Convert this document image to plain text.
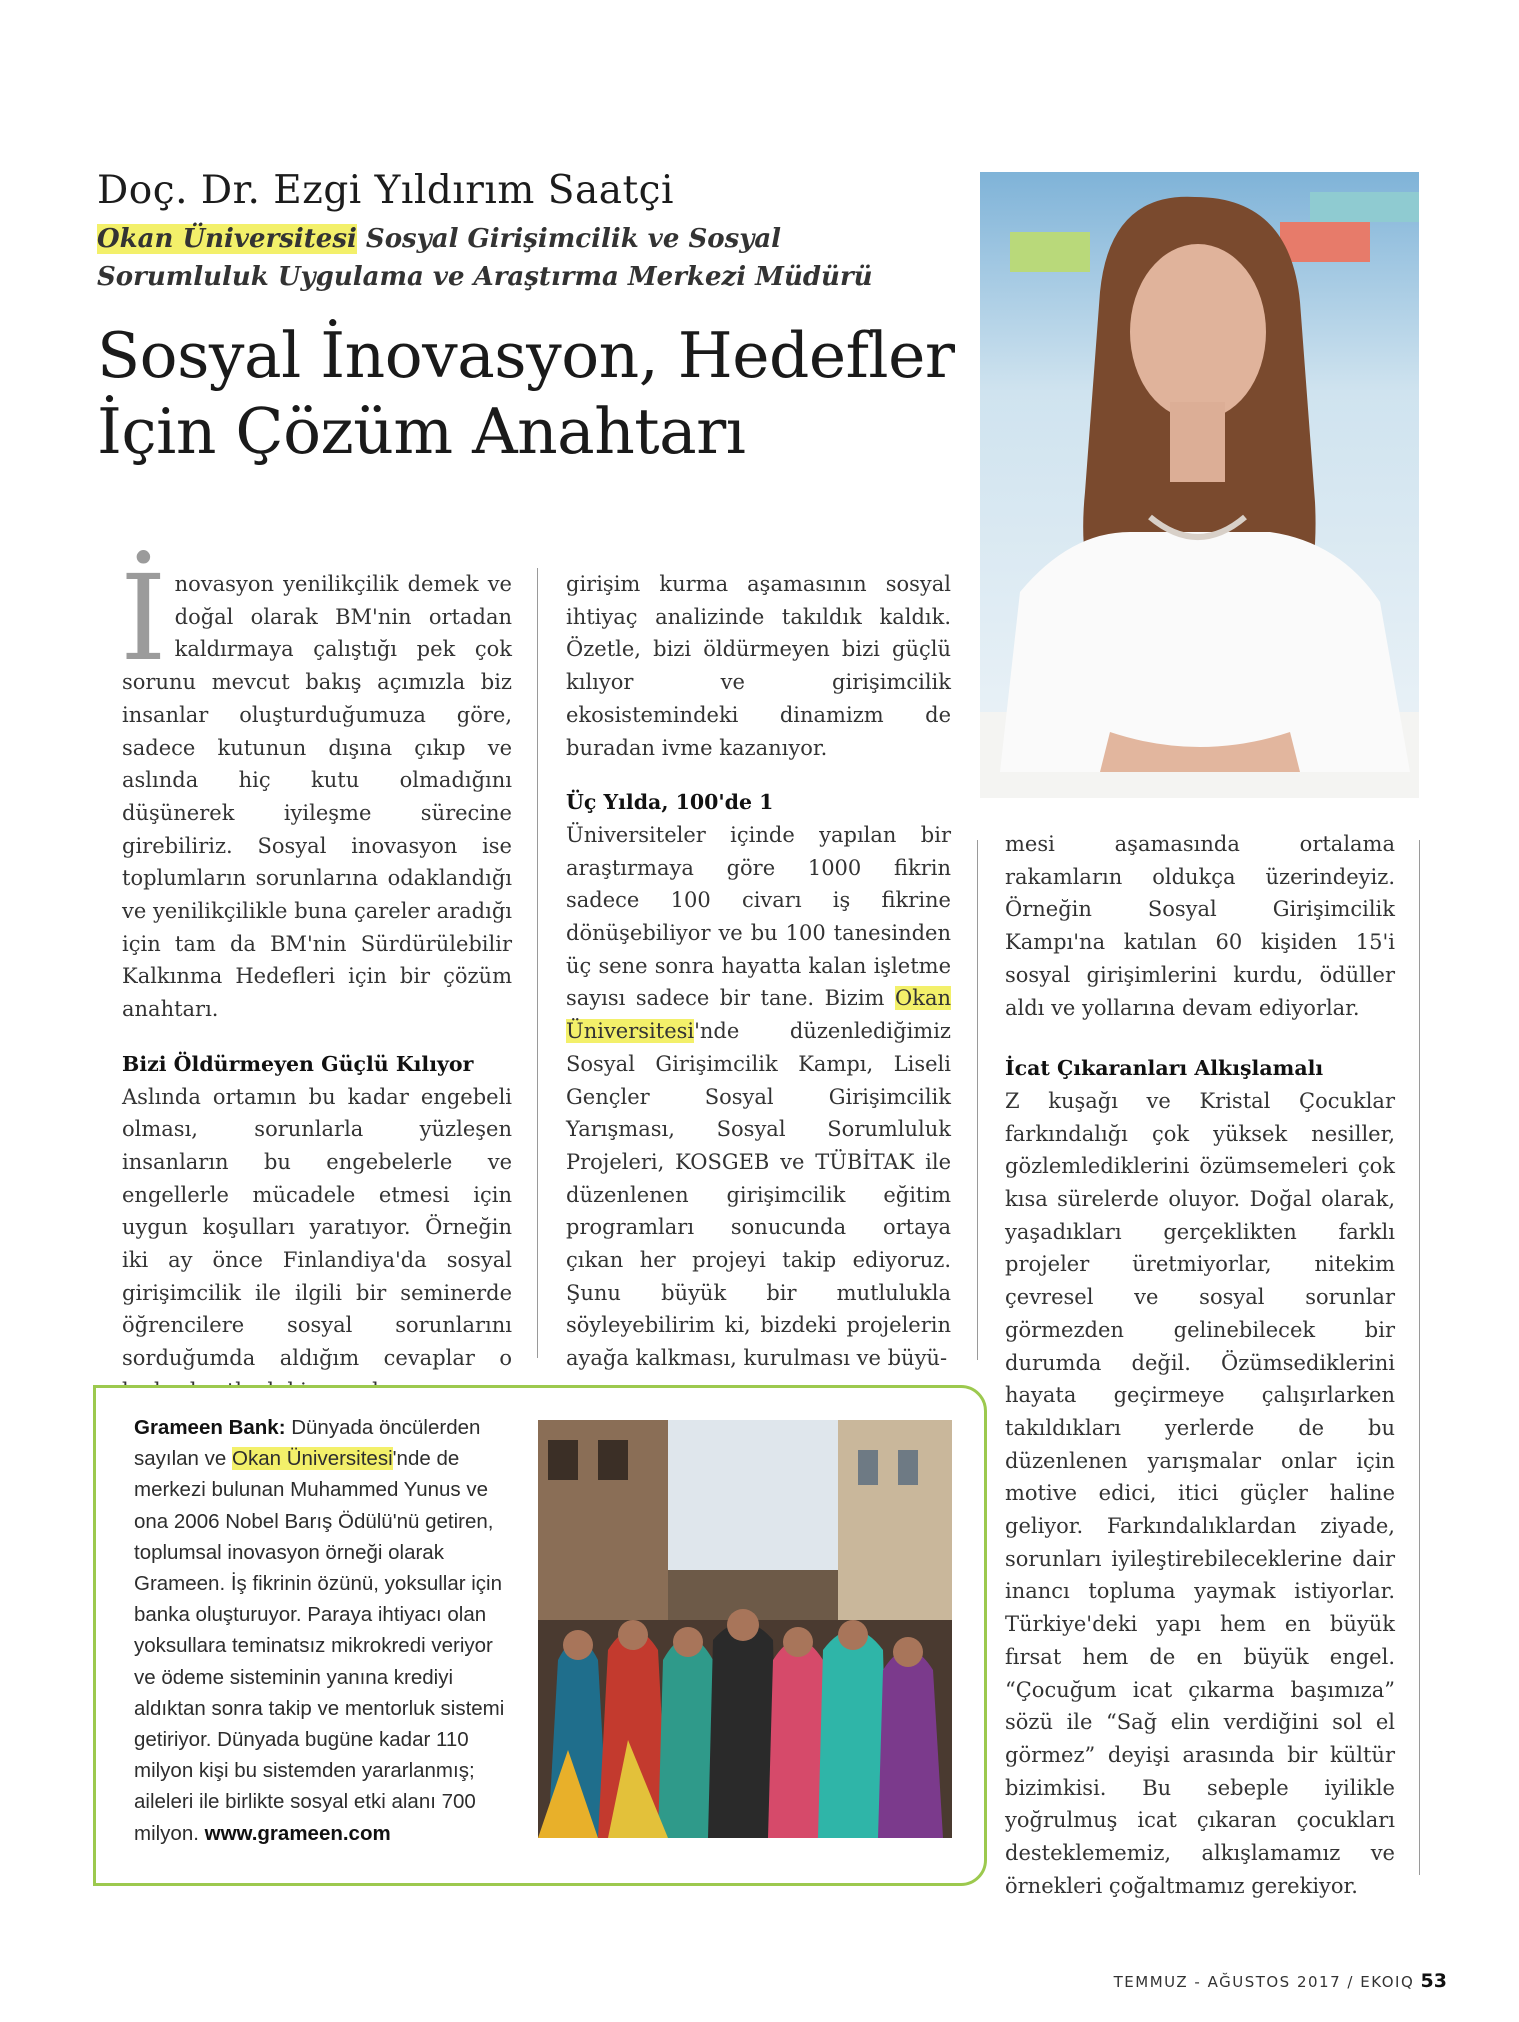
Doç. Dr. Ezgi Yıldırım Saatçi
Okan Üniversitesi Sosyal Girişimcilik ve Sosyal
Sorumluluk Uygulama ve Araştırma Merkezi Müdürü
Sosyal İnovasyon, Hedefler İçin Çözüm Anahtarı

İnovasyon yenilikçilik demek ve doğal olarak BM'nin ortadan kaldırmaya çalıştığı pek çok sorunu mevcut bakış açımızla biz insanlar oluşturduğumuza göre, sadece kutunun dışına çıkıp ve aslında hiç kutu olmadığını düşünerek iyileşme sürecine girebiliriz. Sosyal inovasyon ise toplumların sorunlarına odaklandığı ve yenilikçilikle buna çareler aradığı için tam da BM'nin Sürdürülebilir Kalkınma Hedefleri için bir çözüm anahtarı.

Bizi Öldürmeyen Güçlü Kılıyor

Aslında ortamın bu kadar engebeli olması, sorunlarla yüzleşen insanların bu engebelerle ve engellerle mücadele etmesi için uygun koşulları yaratıyor. Örneğin iki ay önce Finlandiya'da sosyal girişimcilik ile ilgili bir seminerde öğrencilere sosyal sorunlarını sorduğumda aldığım cevaplar o

girişim kurma aşamasının sosyal ihtiyaç analizinde takıldık kaldık. Özetle, bizi öldürmeyen bizi güçlü kılıyor ve girişimcilik ekosistemindeki dinamizm de buradan ivme kazanıyor.

Üç Yılda, 100'de 1

Üniversiteler içinde yapılan bir araştırmaya göre 1000 fikrin sadece 100 civarı iş fikrine dönüşebiliyor ve bu 100 tanesinden üç sene sonra hayatta kalan işletme sayısı sadece bir tane. Bizim Okan Üniversitesi'nde düzenlediğimiz Sosyal Girişimcilik Kampı, Liseli Gençler Sosyal Girişimcilik Yarışması, Sosyal Sorumluluk Projeleri, KOSGEB ve TÜBİTAK ile düzenlenen girişimcilik eğitim programları sonucunda ortaya çıkan her projeyi takip ediyoruz. Şunu büyük bir mutlulukla söyleyebilirim ki, bizdeki projelerin ayağa kalkması, kurulması ve büyü-

mesi aşamasında ortalama rakamların oldukça üzerindeyiz. Örneğin Sosyal Girişimcilik Kampı'na katılan 60 kişiden 15'i sosyal girişimlerini kurdu, ödüller aldı ve yollarına devam ediyorlar.

İcat Çıkaranları Alkışlamalı

Z kuşağı ve Kristal Çocuklar farkındalığı çok yüksek nesiller, gözlemlediklerini özümsemeleri çok kısa sürelerde oluyor. Doğal olarak, yaşadıkları gerçeklikten farklı projeler üretmiyorlar, nitekim çevresel ve sosyal sorunlar görmezden gelinebilecek bir durumda değil. Özümsediklerini hayata geçirmeye çalışırlarken takıldıkları yerlerde de bu düzenlenen yarışmalar onlar için motive edici, itici güçler haline geliyor. Farkındalıklardan ziyade, sorunları iyileştirebileceklerine dair inancı topluma yaymak istiyorlar. Türkiye'deki yapı hem en büyük fırsat hem de en büyük engel. “Çocuğum icat çıkarma başımıza” sözü ile “Sağ elin verdiğini sol el görmez” deyişi arasında bir kültür bizimkisi. Bu sebeple iyilikle yoğrulmuş icat çıkaran çocukları desteklememiz, alkışlamamız ve örnekleri çoğaltmamız gerekiyor.

Grameen Bank: Dünyada öncülerden sayılan ve Okan Üniversitesi'nde de merkezi bulunan Muhammed Yunus ve ona 2006 Nobel Barış Ödülü'nü getiren, toplumsal inovasyon örneği olarak Grameen. İş fikrinin özünü, yoksullar için banka oluşturuyor. Paraya ihtiyacı olan yoksullara teminatsız mikrokredi veriyor ve ödeme sisteminin yanına krediyi aldıktan sonra takip ve mentorluk sistemi getiriyor. Dünyada bugüne kadar 110 milyon kişi bu sistemden yararlanmış; aileleri ile birlikte sosyal etki alanı 700 milyon. www.grameen.com
TEMMUZ - AĞUSTOS 2017 / EKOIQ 53
